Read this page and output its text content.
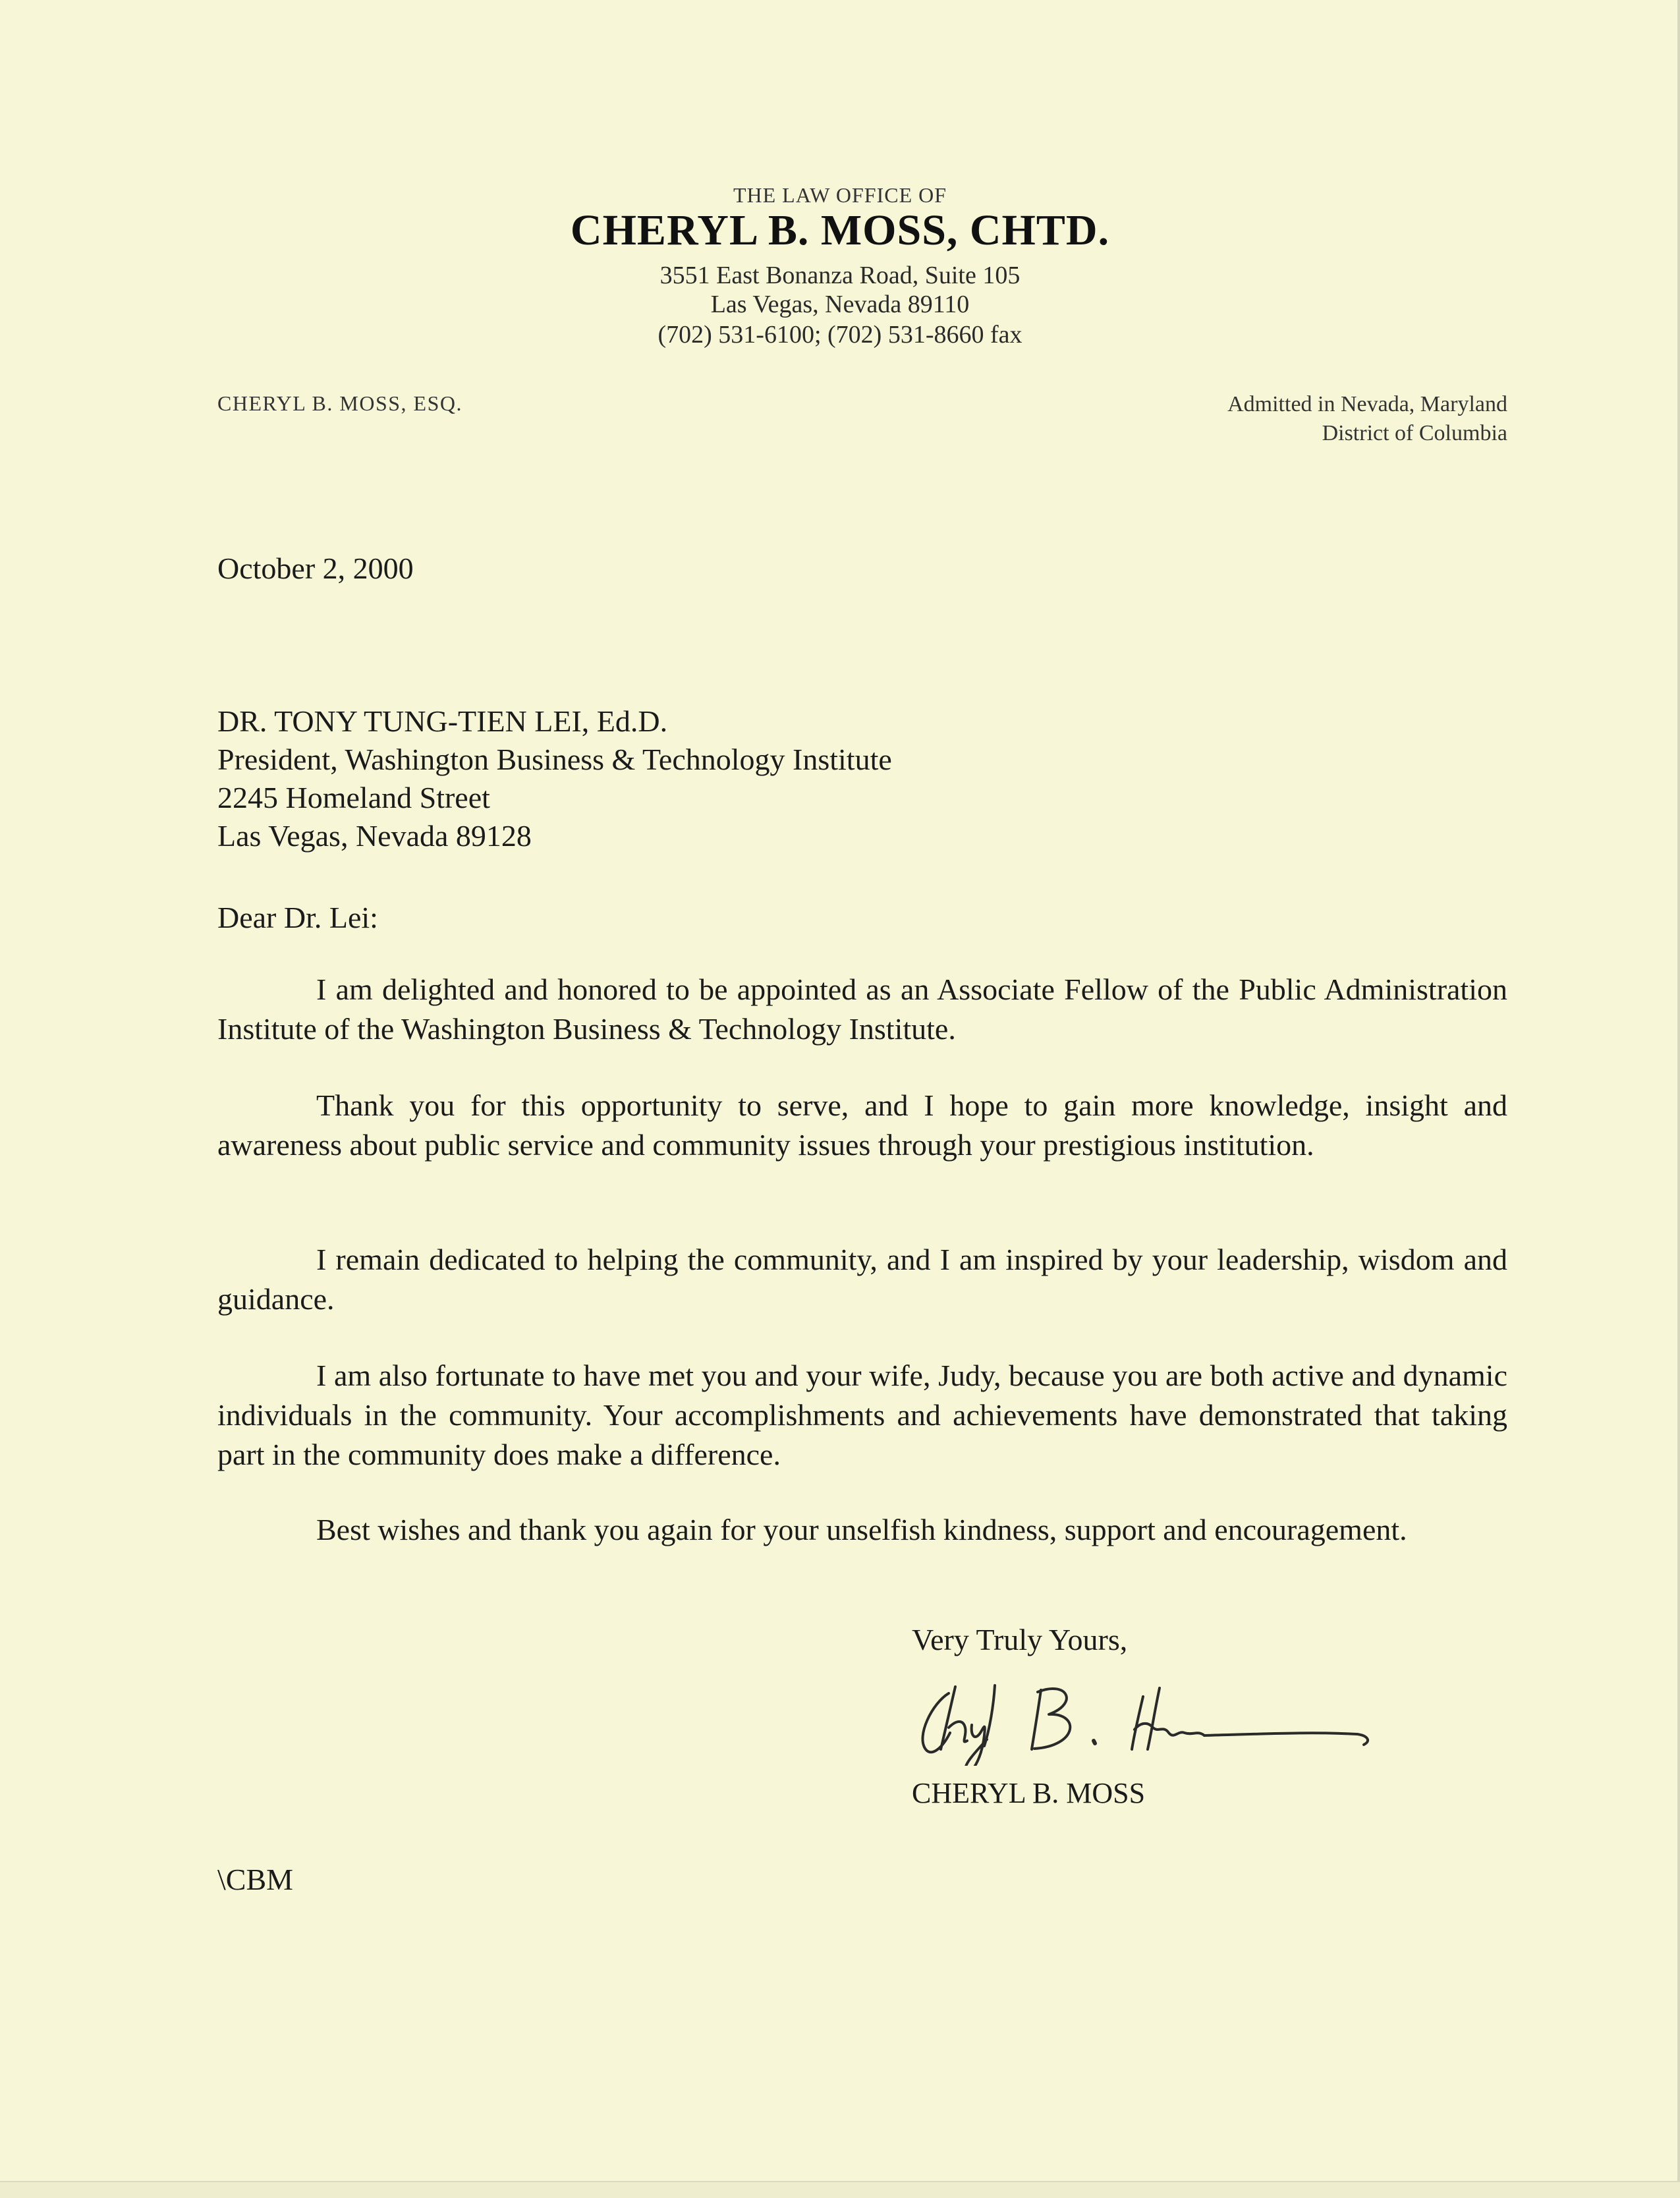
THE LAW OFFICE OF
CHERYL B. MOSS, CHTD.
3551 East Bonanza Road, Suite 105
Las Vegas, Nevada 89110
(702) 531-6100; (702) 531-8660 fax
CHERYL B. MOSS, ESQ.	Admitted in Nevada, Maryland
District of Columbia
October 2, 2000
DR. TONY TUNG-TIEN LEI, Ed.D.
President, Washington Business & Technology Institute
2245 Homeland Street
Las Vegas, Nevada 89128
Dear Dr. Lei:
I am delighted and honored to be appointed as an Associate Fellow of the Public Administration Institute of the Washington Business & Technology Institute.
Thank you for this opportunity to serve, and I hope to gain more knowledge, insight and awareness about public service and community issues through your prestigious institution.
I remain dedicated to helping the community, and I am inspired by your leadership, wisdom and guidance.
I am also fortunate to have met you and your wife, Judy, because you are both active and dynamic individuals in the community. Your accomplishments and achievements have demonstrated that taking part in the community does make a difference.
Best wishes and thank you again for your unselfish kindness, support and encouragement.
Very Truly Yours,
CHERYL B. MOSS
\CBM
